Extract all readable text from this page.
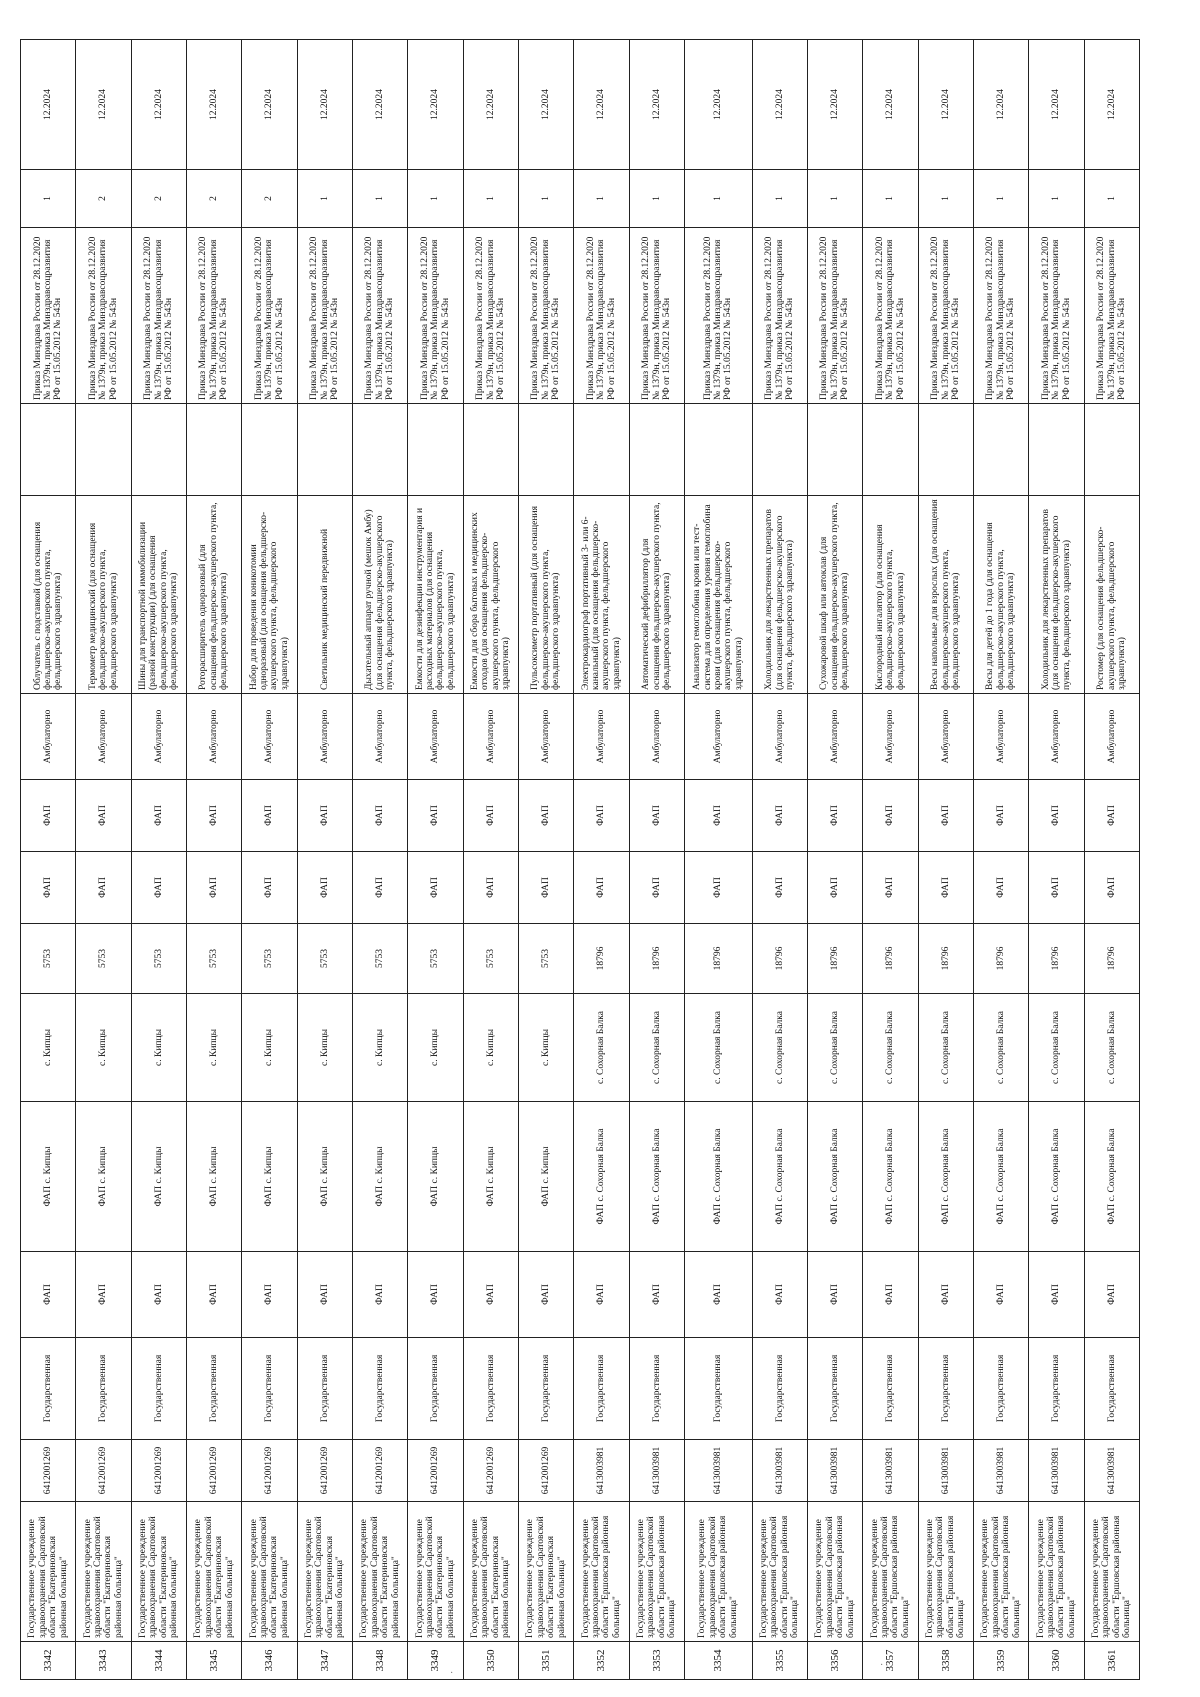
3342	Государственное учреждение здравоохранения Саратовской области "Екатериновская районная больница"	6412001269	Государственная	ФАП	ФАП с. Кипцы	с. Кипцы	5753	ФАП	ФАП	Амбулаторно	Облучатель с подставкой (для оснащения фельдшерско-акушерского пункта, фельдшерского здравпункта)		Приказ Минздрава России от 28.12.2020 № 1379н, приказ Минздравсоцразвития РФ от 15.05.2012 № 543н	1	12.2024
3343	Государственное учреждение здравоохранения Саратовской области "Екатериновская районная больница"	6412001269	Государственная	ФАП	ФАП с. Кипцы	с. Кипцы	5753	ФАП	ФАП	Амбулаторно	Термометр медицинский (для оснащения фельдшерско-акушерского пункта, фельдшерского здравпункта)		Приказ Минздрава России от 28.12.2020 № 1379н, приказ Минздравсоцразвития РФ от 15.05.2012 № 543н	2	12.2024
3344	Государственное учреждение здравоохранения Саратовской области "Екатериновская районная больница"	6412001269	Государственная	ФАП	ФАП с. Кипцы	с. Кипцы	5753	ФАП	ФАП	Амбулаторно	Шины для транспортной иммобилизации (разной конструкции) (для оснащения фельдшерско-акушерского пункта, фельдшерского здравпункта)		Приказ Минздрава России от 28.12.2020 № 1379н, приказ Минздравсоцразвития РФ от 15.05.2012 № 543н	2	12.2024
3345	Государственное учреждение здравоохранения Саратовской области "Екатериновская районная больница"	6412001269	Государственная	ФАП	ФАП с. Кипцы	с. Кипцы	5753	ФАП	ФАП	Амбулаторно	Роторасширитель одноразовый (для оснащения фельдшерско-акушерского пункта, фельдшерского здравпункта)		Приказ Минздрава России от 28.12.2020 № 1379н, приказ Минздравсоцразвития РФ от 15.05.2012 № 543н	2	12.2024
3346	Государственное учреждение здравоохранения Саратовской области "Екатериновская районная больница"	6412001269	Государственная	ФАП	ФАП с. Кипцы	с. Кипцы	5753	ФАП	ФАП	Амбулаторно	Набор для проведения коникотомии одноразовый (для оснащения фельдшерско-акушерского пункта, фельдшерского здравпункта)		Приказ Минздрава России от 28.12.2020 № 1379н, приказ Минздравсоцразвития РФ от 15.05.2012 № 543н	2	12.2024
3347	Государственное учреждение здравоохранения Саратовской области "Екатериновская районная больница"	6412001269	Государственная	ФАП	ФАП с. Кипцы	с. Кипцы	5753	ФАП	ФАП	Амбулаторно	Светильник медицинский передвижной		Приказ Минздрава России от 28.12.2020 № 1379н, приказ Минздравсоцразвития РФ от 15.05.2012 № 543н	1	12.2024
3348	Государственное учреждение здравоохранения Саратовской области "Екатериновская районная больница"	6412001269	Государственная	ФАП	ФАП с. Кипцы	с. Кипцы	5753	ФАП	ФАП	Амбулаторно	Дыхательный аппарат ручной (мешок Амбу) (для оснащения фельдшерско-акушерского пункта, фельдшерского здравпункта)		Приказ Минздрава России от 28.12.2020 № 1379н, приказ Минздравсоцразвития РФ от 15.05.2012 № 543н	1	12.2024
3349	Государственное учреждение здравоохранения Саратовской области "Екатериновская районная больница"	6412001269	Государственная	ФАП	ФАП с. Кипцы	с. Кипцы	5753	ФАП	ФАП	Амбулаторно	Емкости для дезинфекции инструментария и расходных материалов (для оснащения фельдшерско-акушерского пункта, фельдшерского здравпункта)		Приказ Минздрава России от 28.12.2020 № 1379н, приказ Минздравсоцразвития РФ от 15.05.2012 № 543н	1	12.2024
3350	Государственное учреждение здравоохранения Саратовской области "Екатериновская районная больница"	6412001269	Государственная	ФАП	ФАП с. Кипцы	с. Кипцы	5753	ФАП	ФАП	Амбулаторно	Емкости для сбора бытовых и медицинских отходов (для оснащения фельдшерско-акушерского пункта, фельдшерского здравпункта)		Приказ Минздрава России от 28.12.2020 № 1379н, приказ Минздравсоцразвития РФ от 15.05.2012 № 543н	1	12.2024
3351	Государственное учреждение здравоохранения Саратовской области "Екатериновская районная больница"	6412001269	Государственная	ФАП	ФАП с. Кипцы	с. Кипцы	5753	ФАП	ФАП	Амбулаторно	Пульсоксиметр портативный (для оснащения фельдшерско-акушерского пункта, фельдшерского здравпункта)		Приказ Минздрава России от 28.12.2020 № 1379н, приказ Минздравсоцразвития РФ от 15.05.2012 № 543н	1	12.2024
3352	Государственное учреждение здравоохранения Саратовской области "Ершовская районная больница"	6413003981	Государственная	ФАП	ФАП с. Сохорная Балка	с. Сохорная Балка	18796	ФАП	ФАП	Амбулаторно	Электрокардиограф портативный 3- или 6-канальный (для оснащения фельдшерско-акушерского пункта, фельдшерского здравпункта)		Приказ Минздрава России от 28.12.2020 № 1379н, приказ Минздравсоцразвития РФ от 15.05.2012 № 543н	1	12.2024
3353	Государственное учреждение здравоохранения Саратовской области "Ершовская районная больница"	6413003981	Государственная	ФАП	ФАП с. Сохорная Балка	с. Сохорная Балка	18796	ФАП	ФАП	Амбулаторно	Автоматический дефибриллятор (для оснащения фельдшерско-акушерского пункта, фельдшерского здравпункта)		Приказ Минздрава России от 28.12.2020 № 1379н, приказ Минздравсоцразвития РФ от 15.05.2012 № 543н	1	12.2024
3354	Государственное учреждение здравоохранения Саратовской области "Ершовская районная больница"	6413003981	Государственная	ФАП	ФАП с. Сохорная Балка	с. Сохорная Балка	18796	ФАП	ФАП	Амбулаторно	Анализатор гемоглобина крови или тест-система для определения уровня гемоглобина крови (для оснащения фельдшерско-акушерского пункта, фельдшерского здравпункта)		Приказ Минздрава России от 28.12.2020 № 1379н, приказ Минздравсоцразвития РФ от 15.05.2012 № 543н	1	12.2024
3355	Государственное учреждение здравоохранения Саратовской области "Ершовская районная больница"	6413003981	Государственная	ФАП	ФАП с. Сохорная Балка	с. Сохорная Балка	18796	ФАП	ФАП	Амбулаторно	Холодильник для лекарственных препаратов (для оснащения фельдшерско-акушерского пункта, фельдшерского здравпункта)		Приказ Минздрава России от 28.12.2020 № 1379н, приказ Минздравсоцразвития РФ от 15.05.2012 № 543н	1	12.2024
3356	Государственное учреждение здравоохранения Саратовской области "Ершовская районная больница"	6413003981	Государственная	ФАП	ФАП с. Сохорная Балка	с. Сохорная Балка	18796	ФАП	ФАП	Амбулаторно	Сухожаровой шкаф или автоклав (для оснащения фельдшерско-акушерского пункта, фельдшерского здравпункта)		Приказ Минздрава России от 28.12.2020 № 1379н, приказ Минздравсоцразвития РФ от 15.05.2012 № 543н	1	12.2024
3357	Государственное учреждение здравоохранения Саратовской области "Ершовская районная больница"	6413003981	Государственная	ФАП	ФАП с. Сохорная Балка	с. Сохорная Балка	18796	ФАП	ФАП	Амбулаторно	Кислородный ингалятор (для оснащения фельдшерско-акушерского пункта, фельдшерского здравпункта)		Приказ Минздрава России от 28.12.2020 № 1379н, приказ Минздравсоцразвития РФ от 15.05.2012 № 543н	1	12.2024
3358	Государственное учреждение здравоохранения Саратовской области "Ершовская районная больница"	6413003981	Государственная	ФАП	ФАП с. Сохорная Балка	с. Сохорная Балка	18796	ФАП	ФАП	Амбулаторно	Весы напольные для взрослых (для оснащения фельдшерско-акушерского пункта, фельдшерского здравпункта)		Приказ Минздрава России от 28.12.2020 № 1379н, приказ Минздравсоцразвития РФ от 15.05.2012 № 543н	1	12.2024
3359	Государственное учреждение здравоохранения Саратовской области "Ершовская районная больница"	6413003981	Государственная	ФАП	ФАП с. Сохорная Балка	с. Сохорная Балка	18796	ФАП	ФАП	Амбулаторно	Весы для детей до 1 года (для оснащения фельдшерско-акушерского пункта, фельдшерского здравпункта)		Приказ Минздрава России от 28.12.2020 № 1379н, приказ Минздравсоцразвития РФ от 15.05.2012 № 543н	1	12.2024
3360	Государственное учреждение здравоохранения Саратовской области "Ершовская районная больница"	6413003981	Государственная	ФАП	ФАП с. Сохорная Балка	с. Сохорная Балка	18796	ФАП	ФАП	Амбулаторно	Холодильник для лекарственных препаратов (для оснащения фельдшерско-акушерского пункта, фельдшерского здравпункта)		Приказ Минздрава России от 28.12.2020 № 1379н, приказ Минздравсоцразвития РФ от 15.05.2012 № 543н	1	12.2024
3361	Государственное учреждение здравоохранения Саратовской области "Ершовская районная больница"	6413003981	Государственная	ФАП	ФАП с. Сохорная Балка	с. Сохорная Балка	18796	ФАП	ФАП	Амбулаторно	Ростомер (для оснащения фельдшерско-акушерского пункта, фельдшерского здравпункта)		Приказ Минздрава России от 28.12.2020 № 1379н, приказ Минздравсоцразвития РФ от 15.05.2012 № 543н	1	12.2024
·
·
